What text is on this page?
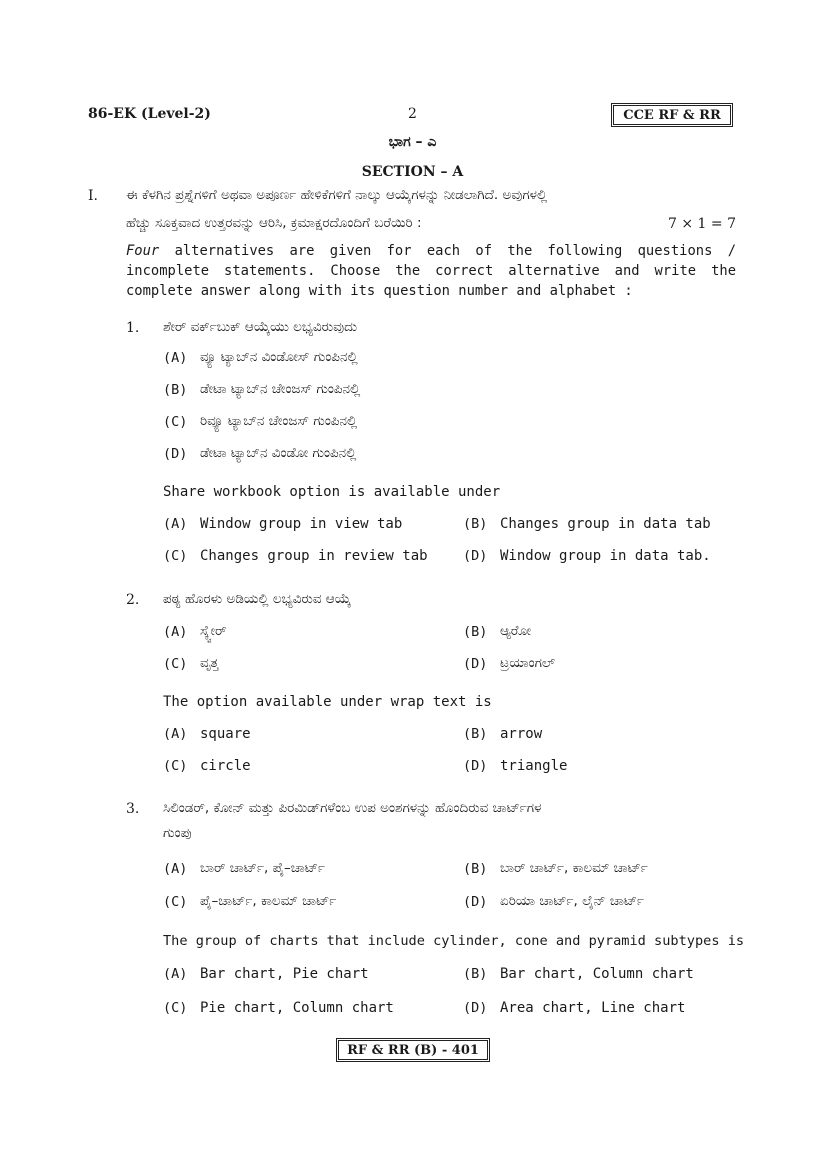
86-EK (Level-2)	2	CCE RF & RR
ಭಾಗ – ಎ
SECTION – A
I. ಈ ಕೆಳಗಿನ ಪ್ರಶ್ನೆಗಳಿಗೆ ಅಥವಾ ಅಪೂರ್ಣ ಹೇಳಿಕೆಗಳಿಗೆ ನಾಲ್ಕು ಆಯ್ಕೆಗಳನ್ನು ನೀಡಲಾಗಿದೆ. ಅವುಗಳಲ್ಲಿ
ಹೆಚ್ಚು ಸೂಕ್ತವಾದ ಉತ್ತರವನ್ನು ಆರಿಸಿ, ಕ್ರಮಾಕ್ಷರದೊಂದಿಗೆ ಬರೆಯಿರಿ :	7 × 1 = 7
Four alternatives are given for each of the following questions / incomplete statements. Choose the correct alternative and write the complete answer along with its question number and alphabet :
1. ಶೇರ್ ವರ್ಕ್‌ಬುಕ್ ಆಯ್ಕೆಯು ಲಭ್ಯವಿರುವುದು
(A) ವ್ಯೂ ಟ್ಯಾಬ್‌ನ ವಿಂಡೋಸ್ ಗುಂಪಿನಲ್ಲಿ
(B) ಡೇಟಾ ಟ್ಯಾಬ್‌ನ ಚೇಂಜಸ್ ಗುಂಪಿನಲ್ಲಿ
(C) ರಿವ್ಯೂ ಟ್ಯಾಬ್‌ನ ಚೇಂಜಸ್ ಗುಂಪಿನಲ್ಲಿ
(D) ಡೇಟಾ ಟ್ಯಾಬ್‌ನ ವಿಂಡೋ ಗುಂಪಿನಲ್ಲಿ
Share workbook option is available under
(A) Window group in view tab	(B) Changes group in data tab
(C) Changes group in review tab	(D) Window group in data tab.
2. ಪಠ್ಯ ಹೊರಳು ಅಡಿಯಲ್ಲಿ ಲಭ್ಯವಿರುವ ಆಯ್ಕೆ
(A) ಸ್ಕ್ವೇರ್	(B) ಆ್ಯರೋ
(C) ವೃತ್ತ	(D) ಟ್ರಯಾಂಗಲ್
The option available under wrap text is
(A) square	(B) arrow
(C) circle	(D) triangle
3. ಸಿಲಿಂಡರ್, ಕೋನ್ ಮತ್ತು ಪಿರಮಿಡ್‌ಗಳೆಂಬ ಉಪ ಅಂಶಗಳನ್ನು ಹೊಂದಿರುವ ಚಾರ್ಟ್‌ಗಳ
ಗುಂಪು
(A) ಬಾರ್ ಚಾರ್ಟ್, ಪೈ–ಚಾರ್ಟ್	(B) ಬಾರ್ ಚಾರ್ಟ್, ಕಾಲಮ್ ಚಾರ್ಟ್
(C) ಪೈ–ಚಾರ್ಟ್, ಕಾಲಮ್ ಚಾರ್ಟ್	(D) ಏರಿಯಾ ಚಾರ್ಟ್, ಲೈನ್ ಚಾರ್ಟ್
The group of charts that include cylinder, cone and pyramid subtypes is
(A) Bar chart, Pie chart	(B) Bar chart, Column chart
(C) Pie chart, Column chart	(D) Area chart, Line chart
RF & RR (B) - 401
